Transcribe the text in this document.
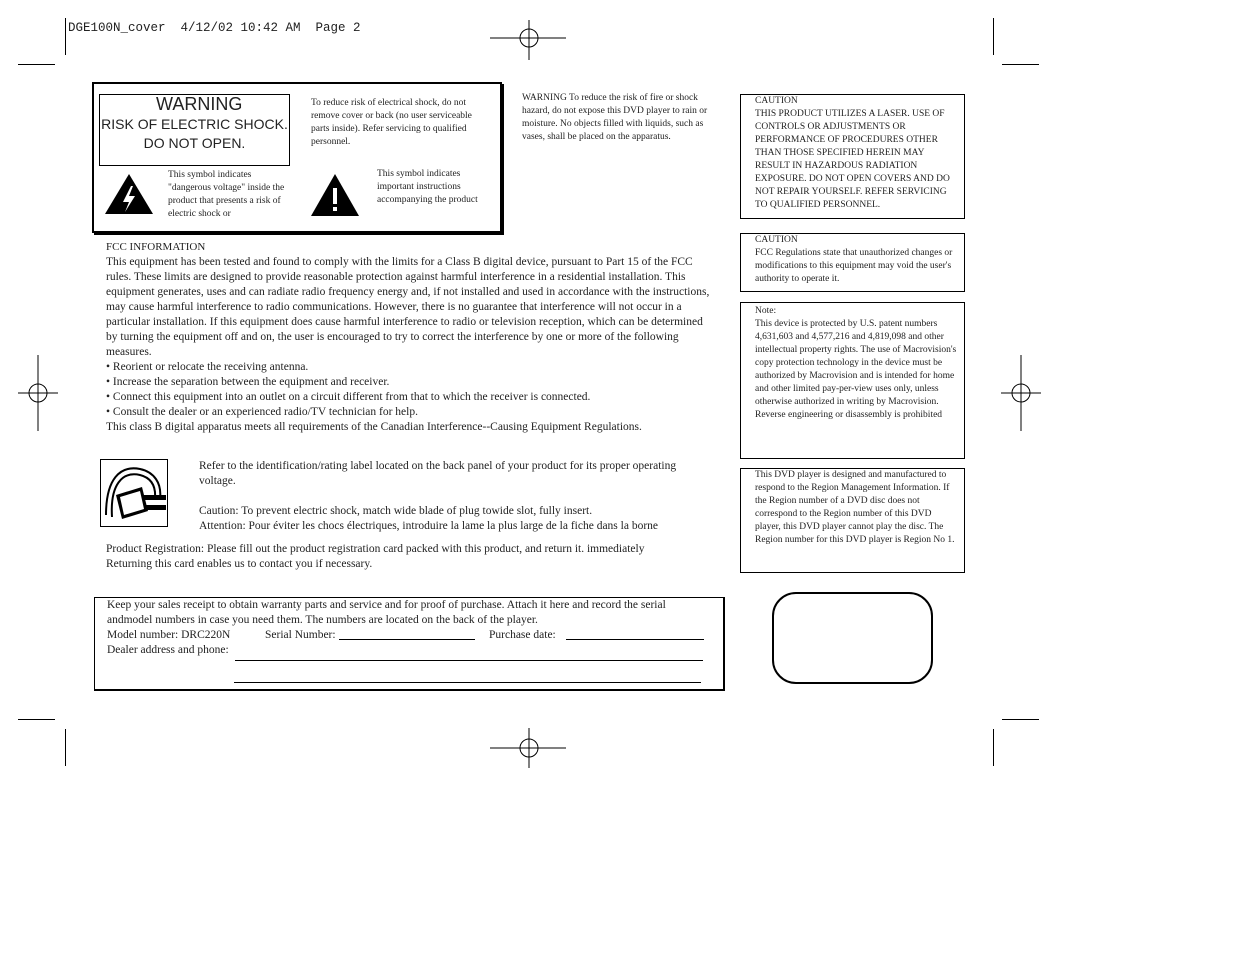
DGE100N_cover  4/12/02 10:42 AM  Page 2
WARNING
RISK OF ELECTRIC SHOCK.
DO NOT OPEN.
To reduce risk of electrical shock, do not remove cover or back (no user serviceable parts inside). Refer servicing to qualified personnel.
This symbol indicates "dangerous voltage" inside the product that presents a risk of electric shock or
This symbol indicates important instructions accompanying the product
WARNING To reduce the risk of fire or shock hazard, do not expose this DVD player to rain or moisture. No objects filled with liquids, such as vases, shall be placed on the apparatus.
CAUTION
THIS PRODUCT UTILIZES A LASER. USE OF CONTROLS OR ADJUSTMENTS OR PERFORMANCE OF PROCEDURES OTHER THAN THOSE SPECIFIED HEREIN MAY RESULT IN HAZARDOUS RADIATION EXPOSURE. DO NOT OPEN COVERS AND DO NOT REPAIR YOURSELF. REFER SERVICING TO QUALIFIED PERSONNEL.
CAUTION
FCC Regulations state that unauthorized changes or modifications to this equipment may void the user's authority to operate it.
Note:
This device is protected by U.S. patent numbers 4,631,603 and 4,577,216 and 4,819,098 and other intellectual property rights. The use of Macrovision's copy protection technology in the device must be authorized by Macrovision and is intended for home and other limited pay-per-view uses only, unless otherwise authorized in writing by Macrovision. Reverse engineering or disassembly is prohibited
This DVD player is designed and manufactured to respond to the Region Management Information. If the Region number of a DVD disc does not correspond to the Region number of this DVD player, this DVD player cannot play the disc. The Region number for this DVD player is Region No 1.
FCC INFORMATION
This equipment has been tested and found to comply with the limits for a Class B digital device, pursuant to Part 15 of the FCC rules. These limits are designed to provide reasonable protection against harmful interference in a residential installation. This equipment generates, uses and can radiate radio frequency energy and, if not installed and used in accordance with the instructions, may cause harmful interference to radio communications. However, there is no guarantee that interference will not occur in a particular installation. If this equipment does cause harmful interference to radio or television reception, which can be determined by turning the equipment off and on, the user is encouraged to try to correct the interference by one or more of the following measures.
• Reorient or relocate the receiving antenna.
• Increase the separation between the equipment and receiver.
• Connect this equipment into an outlet on a circuit different from that to which the receiver is connected.
• Consult the dealer or an experienced radio/TV technician for help.
This class B digital apparatus meets all requirements of the Canadian Interference--Causing Equipment Regulations.
Refer to the identification/rating label located on the back panel of your product for its proper operating voltage.
Caution: To prevent electric shock, match wide blade of plug towide slot, fully insert.
Attention: Pour éviter les chocs électriques, introduire la lame la plus large de la fiche dans la borne
Product Registration: Please fill out the product registration card packed with this product, and return it. immediately Returning this card enables us to contact you if necessary.
Keep your sales receipt to obtain warranty parts and service and for proof of purchase. Attach it here and record the serial andmodel numbers in case you need them. The numbers are located on the back of the player.
Model number: DRC220N	Serial Number:	Purchase date:
Dealer address and phone:
